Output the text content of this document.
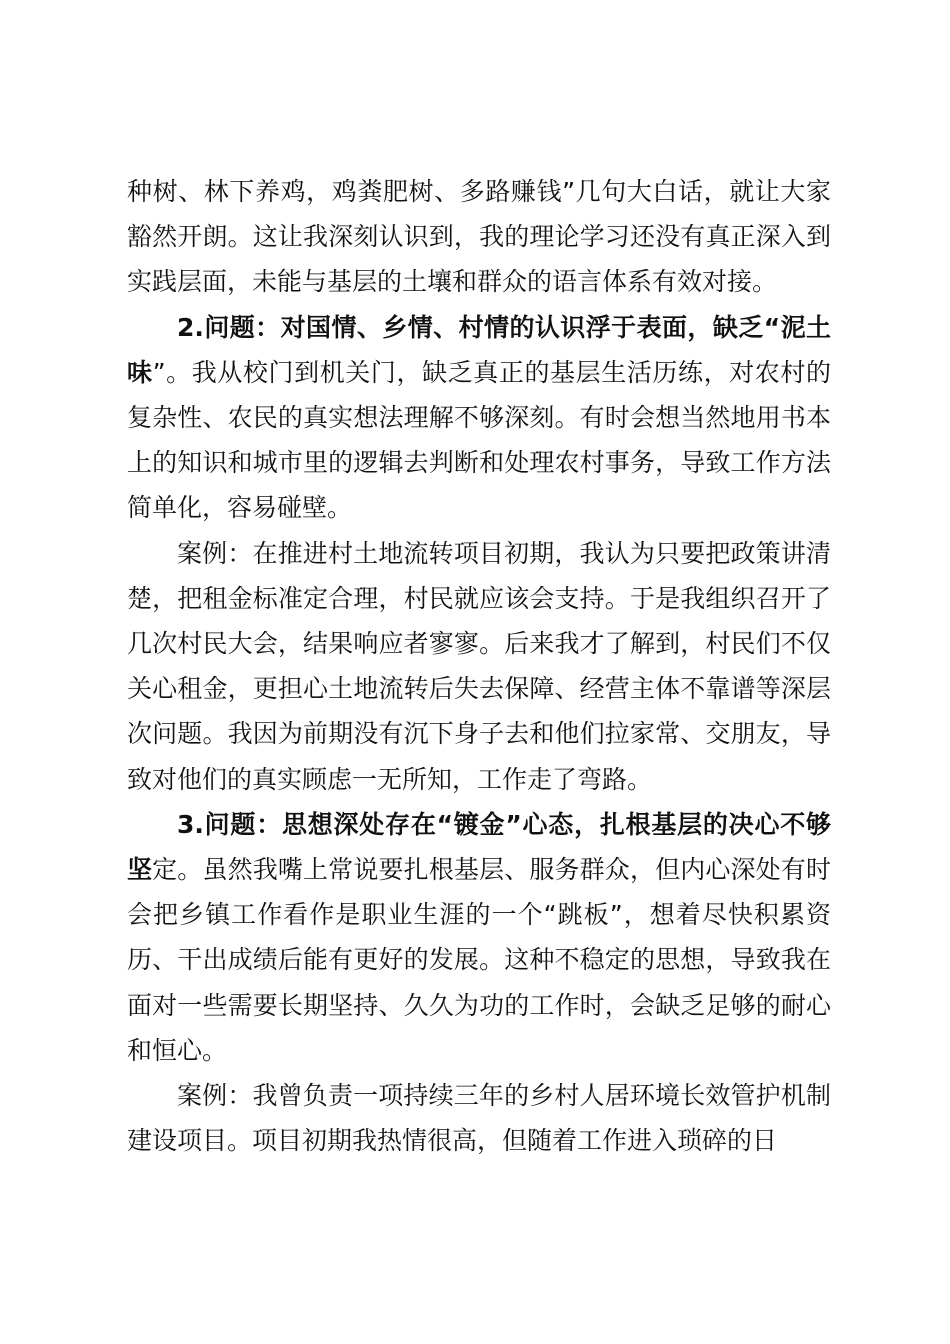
种树、林下养鸡，鸡粪肥树、多路赚钱”几句大白话，就让大家豁然开朗。这让我深刻认识到，我的理论学习还没有真正深入到实践层面，未能与基层的土壤和群众的语言体系有效对接。

2.问题：对国情、乡情、村情的认识浮于表面，缺乏“泥土味”。我从校门到机关门，缺乏真正的基层生活历练，对农村的复杂性、农民的真实想法理解不够深刻。有时会想当然地用书本上的知识和城市里的逻辑去判断和处理农村事务，导致工作方法简单化，容易碰壁。

案例：在推进村土地流转项目初期，我认为只要把政策讲清楚，把租金标准定合理，村民就应该会支持。于是我组织召开了几次村民大会，结果响应者寥寥。后来我才了解到，村民们不仅关心租金，更担心土地流转后失去保障、经营主体不靠谱等深层次问题。我因为前期没有沉下身子去和他们拉家常、交朋友，导致对他们的真实顾虑一无所知，工作走了弯路。

3.问题：思想深处存在“镀金”心态，扎根基层的决心不够坚定。虽然我嘴上常说要扎根基层、服务群众，但内心深处有时会把乡镇工作看作是职业生涯的一个“跳板”，想着尽快积累资历、干出成绩后能有更好的发展。这种不稳定的思想，导致我在面对一些需要长期坚持、久久为功的工作时，会缺乏足够的耐心和恒心。

案例：我曾负责一项持续三年的乡村人居环境长效管护机制建设项目。项目初期我热情很高，但随着工作进入琐碎的日
